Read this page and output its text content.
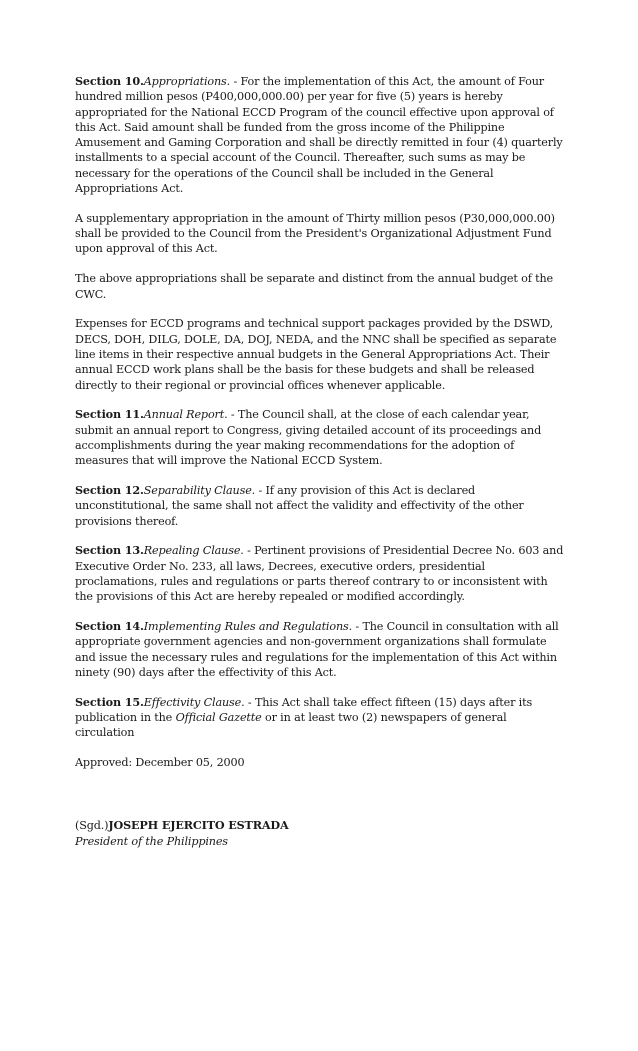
Section 10.Appropriations. - For the implementation of this Act, the amount of Four hundred million pesos (P400,000,000.00) per year for five (5) years is hereby appropriated for the National ECCD Program of the council effective upon approval of this Act. Said amount shall be funded from the gross income of the Philippine Amusement and Gaming Corporation and shall be directly remitted in four (4) quarterly installments to a special account of the Council. Thereafter, such sums as may be necessary for the operations of the Council shall be included in the General Appropriations Act.

A supplementary appropriation in the amount of Thirty million pesos (P30,000,000.00) shall be provided to the Council from the President's Organizational Adjustment Fund upon approval of this Act.

The above appropriations shall be separate and distinct from the annual budget of the CWC.

Expenses for ECCD programs and technical support packages provided by the DSWD, DECS, DOH, DILG, DOLE, DA, DOJ, NEDA, and the NNC shall be specified as separate line items in their respective annual budgets in the General Appropriations Act. Their annual ECCD work plans shall be the basis for these budgets and shall be released directly to their regional or provincial offices whenever applicable.

Section 11.Annual Report. - The Council shall, at the close of each calendar year, submit an annual report to Congress, giving detailed account of its proceedings and accomplishments during the year making recommendations for the adoption of measures that will improve the National ECCD System.

Section 12.Separability Clause. - If any provision of this Act is declared unconstitutional, the same shall not affect the validity and effectivity of the other provisions thereof.

Section 13.Repealing Clause. - Pertinent provisions of Presidential Decree No. 603 and Executive Order No. 233, all laws, Decrees, executive orders, presidential proclamations, rules and regulations or parts thereof contrary to or inconsistent with the provisions of this Act are hereby repealed or modified accordingly.

Section 14.Implementing Rules and Regulations. - The Council in consultation with all appropriate government agencies and non-government organizations shall formulate and issue the necessary rules and regulations for the implementation of this Act within ninety (90) days after the effectivity of this Act.

Section 15.Effectivity Clause. - This Act shall take effect fifteen (15) days after its publication in the Official Gazette or in at least two (2) newspapers of general circulation

Approved: December 05, 2000

(Sgd.)JOSEPH EJERCITO ESTRADA
President of the Philippines
